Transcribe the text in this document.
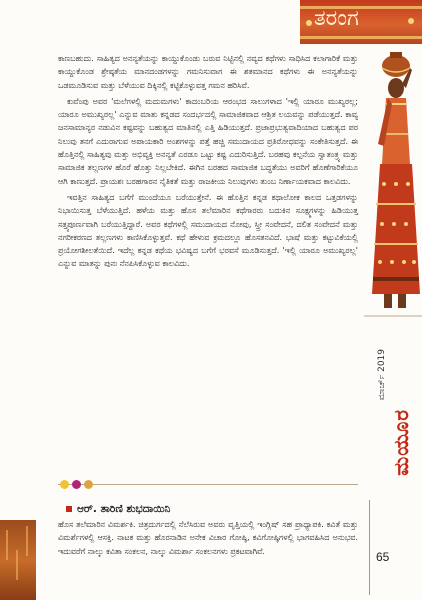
ತರಂಗ
ಮಾರ್ಚ್ 2019
ಮಯೂರ
65

ಕಾಣಬಹುದು. ಸಾಹಿತ್ಯದ ಅನನ್ಯತೆಯನ್ನು ಕಾಯ್ದುಕೊಂಡು ಬರುವ ನಿಟ್ಟಿನಲ್ಲಿ ನವ್ಯದ ಕಥೆಗಳು ಸಾಧಿಸಿದ ಕಲಾಗಾರಿಕೆ ಮತ್ತು ಕಾಯ್ದುಕೊಂಡ ಶ್ರೇಷ್ಠತೆಯ ಮಾನದಂಡಗಳನ್ನು ಗಮನಿಸುವಾಗ ಈ ಶತಮಾನದ ಕಥೆಗಳು ಈ ಅನನ್ಯತೆಯನ್ನು ಒಡಮೂಡಿಸುವ ಮತ್ತು ಬೆಳೆಯುವ ದಿಕ್ಕಿನಲ್ಲಿ ಕಟ್ಟಿಕೊಳ್ಳುವತ್ತ ಗಮನ ಹರಿಸಿವೆ.

ಕುವೆಂಪು ಅವರ 'ಮಲೆಗಳಲ್ಲಿ ಮದುಮಗಳು' ಕಾದಂಬರಿಯ ಆರಂಭದ ಸಾಲುಗಳಾದ 'ಇಲ್ಲಿ ಯಾರೂ ಮುಖ್ಯರಲ್ಲ; ಯಾರೂ ಅಮುಖ್ಯರಲ್ಲ' ಎನ್ನುವ ಮಾತು ಕನ್ನಡದ ಸಂದರ್ಭದಲ್ಲಿ ಸಾಮಾಜಿಕವಾದ ಆಶ್ರಿತ ಲಯವನ್ನು ಪಡೆಯುತ್ತದೆ. ಕಾವ್ಯ ಜನಸಾಮಾನ್ಯರ ನಡುವಿನ ಕಷ್ಟವನ್ನು ಬಹುತ್ವದ ಮಾತಿನಲ್ಲಿ ಎತ್ತಿ ಹಿಡಿಯುತ್ತದೆ. ಪ್ರಜಾಪ್ರಭುತ್ವವಾದಿಯಾದ ಬಹುತ್ವದ ಪರ ನಿಲುವು ತನಗೆ ಎದುರಾಗುವ ಅಪಾಯಕಾರಿ ಅಂಶಗಳನ್ನು ಪತ್ತೆ ಹಚ್ಚಿ ಸಮುದಾಯದ ಪ್ರತಿರೋಧವನ್ನು ಸಂಕೇತಿಸುತ್ತದೆ. ಈ ಹೊತ್ತಿನಲ್ಲಿ ಸಾಹಿತ್ಯವು ಮತ್ತು ಅಭಿವ್ಯಕ್ತಿ ಅನನ್ಯತೆ ಎರಡೂ ಒಟ್ಟು ಕಷ್ಟ ಎದುರಿಸುತ್ತಿದೆ. ಬರಹವು ಕಲ್ಪನೆಯ ಸ್ವಾತಂತ್ರ್ಯ ಮತ್ತು ಸಾಮಾಜಿಕ ತಲ್ಲಣಗಳ ಹೊರೆ ಹೊತ್ತು ನಿಲ್ಲಬೇಕಿದೆ. ಈಗಿನ ಬರಹದ ಸಾಮಾಜಿಕ ಬದ್ಧತೆಯು ಅವರಿಗೆ ಹೊಣೆಗಾರಿಕೆಯೂ ಆಗಿ ಕಾಣುತ್ತದೆ. ಪ್ರಾಯಶಃ ಬರಹಗಾರನ ನೈತಿಕತೆ ಮತ್ತು ರಾಜಕೀಯ ನಿಲುವುಗಳು ತುಂಬ ನಿರ್ಣಾಯಕವಾದ ಕಾಲವಿದು.

ಇವತ್ತಿನ ಸಾಹಿತ್ಯದ ಬಗೆಗೆ ಮುಂದೆಯೂ ಬರೆಯುತ್ತೇನೆ. ಈ ಹೊತ್ತಿನ ಕನ್ನಡ ಕಥಾಲೋಕ ಕಾಲದ ಒತ್ತಡಗಳನ್ನು ನಿಭಾಯಿಸುತ್ತ ಬೆಳೆಯುತ್ತಿದೆ. ಹಳೆಯ ಮತ್ತು ಹೊಸ ತಲೆಮಾರಿನ ಕಥೆಗಾರರು ಬದುಕಿನ ಸೂಕ್ಷ್ಮಗಳನ್ನು ಹಿಡಿಯುತ್ತ ಸತ್ತ್ವಪೂರ್ಣವಾಗಿ ಬರೆಯುತ್ತಿದ್ದಾರೆ. ಅವರ ಕಥೆಗಳಲ್ಲಿ ಸಮುದಾಯದ ನೋವು, ಸ್ತ್ರೀ ಸಂವೇದನೆ, ದಲಿತ ಸಂವೇದನೆ ಮತ್ತು ನಗರೀಕರಣದ ತಲ್ಲಣಗಳು ಕಾಣಿಸಿಕೊಳ್ಳುತ್ತವೆ. ಕಥೆ ಹೇಳುವ ಕ್ರಮದಲ್ಲೂ ಹೊಸತನವಿದೆ. ಭಾಷೆ ಮತ್ತು ಕಟ್ಟುವಿಕೆಯಲ್ಲಿ ಪ್ರಯೋಗಶೀಲತೆಯಿದೆ. ಇದೆಲ್ಲ ಕನ್ನಡ ಕಥೆಯ ಭವಿಷ್ಯದ ಬಗೆಗೆ ಭರವಸೆ ಮೂಡಿಸುತ್ತದೆ. 'ಇಲ್ಲಿ ಯಾರೂ ಅಮುಖ್ಯರಲ್ಲ' ಎನ್ನುವ ಮಾತನ್ನು ಪುನಃ ನೆನಪಿಸಿಕೊಳ್ಳುವ ಕಾಲವಿದು.

ಆರ್. ತಾರಿಣಿ ಶುಭದಾಯಿನಿ

ಹೊಸ ತಲೆಮಾರಿನ ವಿಮರ್ಶಕಿ. ಚಿತ್ರದುರ್ಗದಲ್ಲಿ ನೆಲೆಸಿರುವ ಅವರು ವೃತ್ತಿಯಲ್ಲಿ ಇಂಗ್ಲಿಷ್ ಸಹ ಪ್ರಾಧ್ಯಾಪಕಿ. ಕವಿತೆ ಮತ್ತು ವಿಮರ್ಶೆಗಳಲ್ಲಿ ಆಸಕ್ತಿ. ನಾಟಕ ಮತ್ತು ಹೊರನಾಡಿನ ಅನೇಕ ವಿಚಾರ ಗೋಷ್ಠಿ, ಕವಿಗೋಷ್ಠಿಗಳಲ್ಲಿ ಭಾಗವಹಿಸಿದ ಅನುಭವ. ಇದುವರೆಗೆ ನಾಲ್ಕು ಕವಿತಾ ಸಂಕಲನ, ನಾಲ್ಕು ವಿಮರ್ಶಾ ಸಂಕಲನಗಳು ಪ್ರಕಟವಾಗಿವೆ.
